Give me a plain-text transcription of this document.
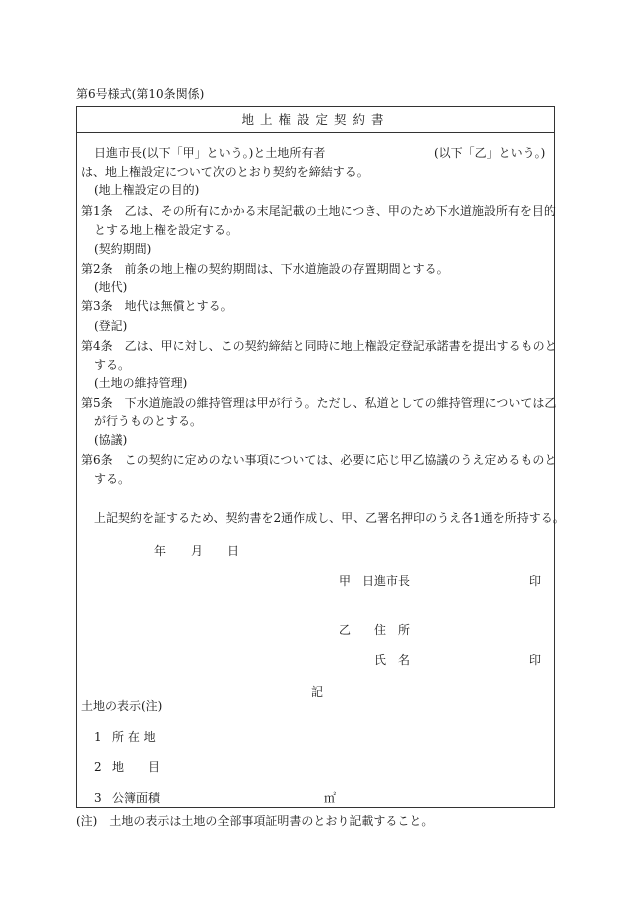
第6号様式(第10条関係)
地上権設定契約書
日進市長(以下「甲」という。)と土地所有者	(以下「乙」という。)
は、地上権設定について次のとおり契約を締結する。
(地上権設定の目的)
第1条　乙は、その所有にかかる末尾記載の土地につき、甲のため下水道施設所有を目的
とする地上権を設定する。
(契約期間)
第2条　前条の地上権の契約期間は、下水道施設の存置期間とする。
(地代)
第3条　地代は無償とする。
(登記)
第4条　乙は、甲に対し、この契約締結と同時に地上権設定登記承諾書を提出するものと
する。
(土地の維持管理)
第5条　下水道施設の維持管理は甲が行う。ただし、私道としての維持管理については乙
が行うものとする。
(協議)
第6条　この契約に定めのない事項については、必要に応じ甲乙協議のうえ定めるものと
する。
上記契約を証するため、契約書を2通作成し、甲、乙署名押印のうえ各1通を所持する。
年 月 日
甲 日進市長	印
乙 住　所
氏　名	印
記
土地の表示(注)
1 所 在 地
2 地　　目
3 公簿面積	㎡
(注)　土地の表示は土地の全部事項証明書のとおり記載すること。
